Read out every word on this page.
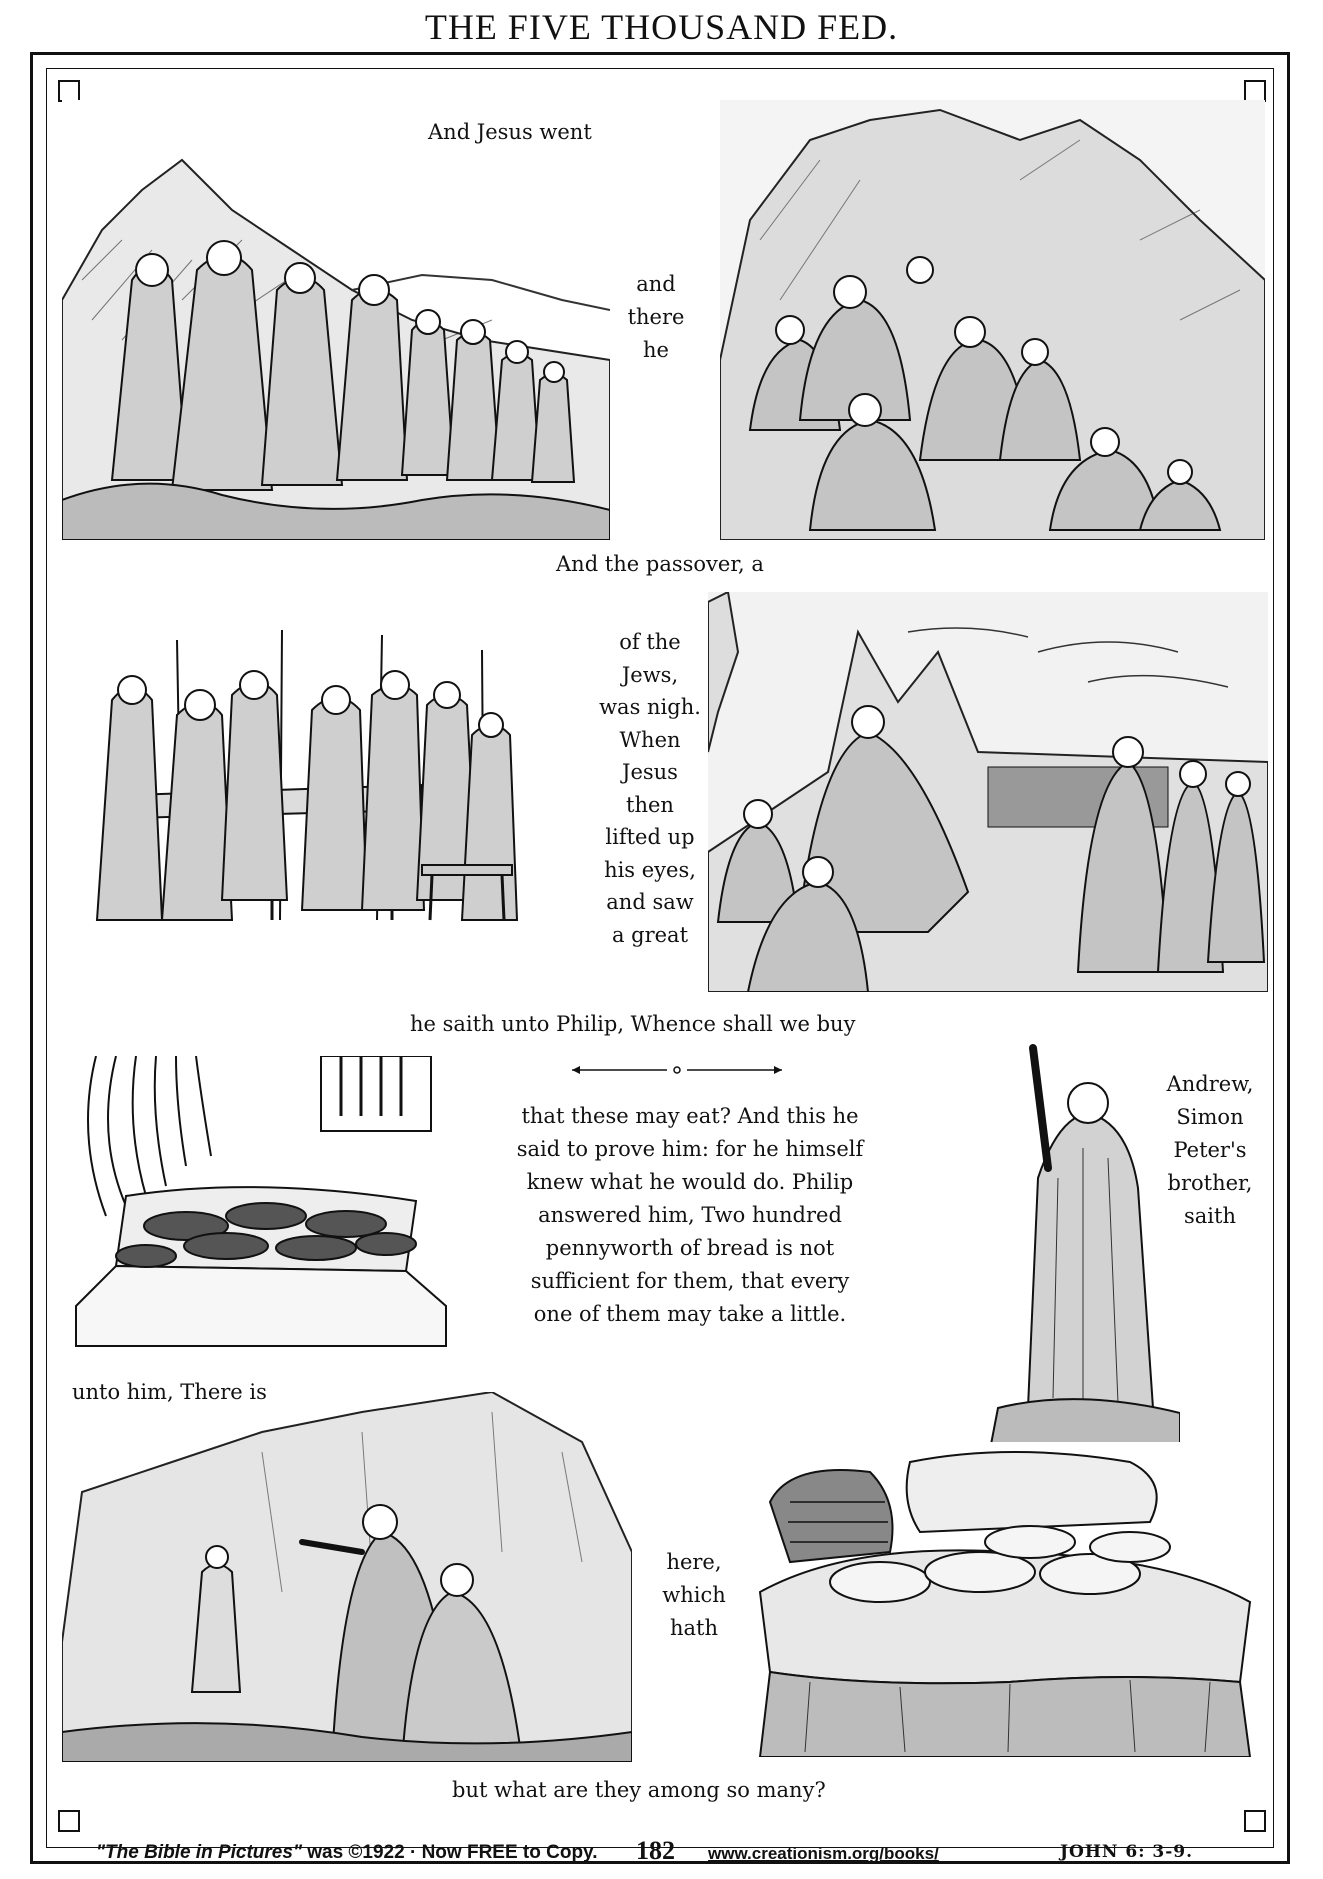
THE FIVE THOUSAND FED.
And Jesus went
and
there
he
And the passover, a
of the
Jews,
was nigh.
When
Jesus
then
lifted up
his eyes,
and saw
a great
he saith unto Philip, Whence shall we buy
that these may eat? And this he
said to prove him: for he himself
knew what he would do. Philip
answered him, Two hundred
pennyworth of bread is not
sufficient for them, that every
one of them may take a little.
Andrew,
Simon
Peter's
brother,
saith
unto him, There is
here,
which
hath
but what are they among so many?
"The Bible in Pictures" was ©1922 · Now FREE to Copy. 182 www.creationism.org/books/	JOHN 6: 3-9.
